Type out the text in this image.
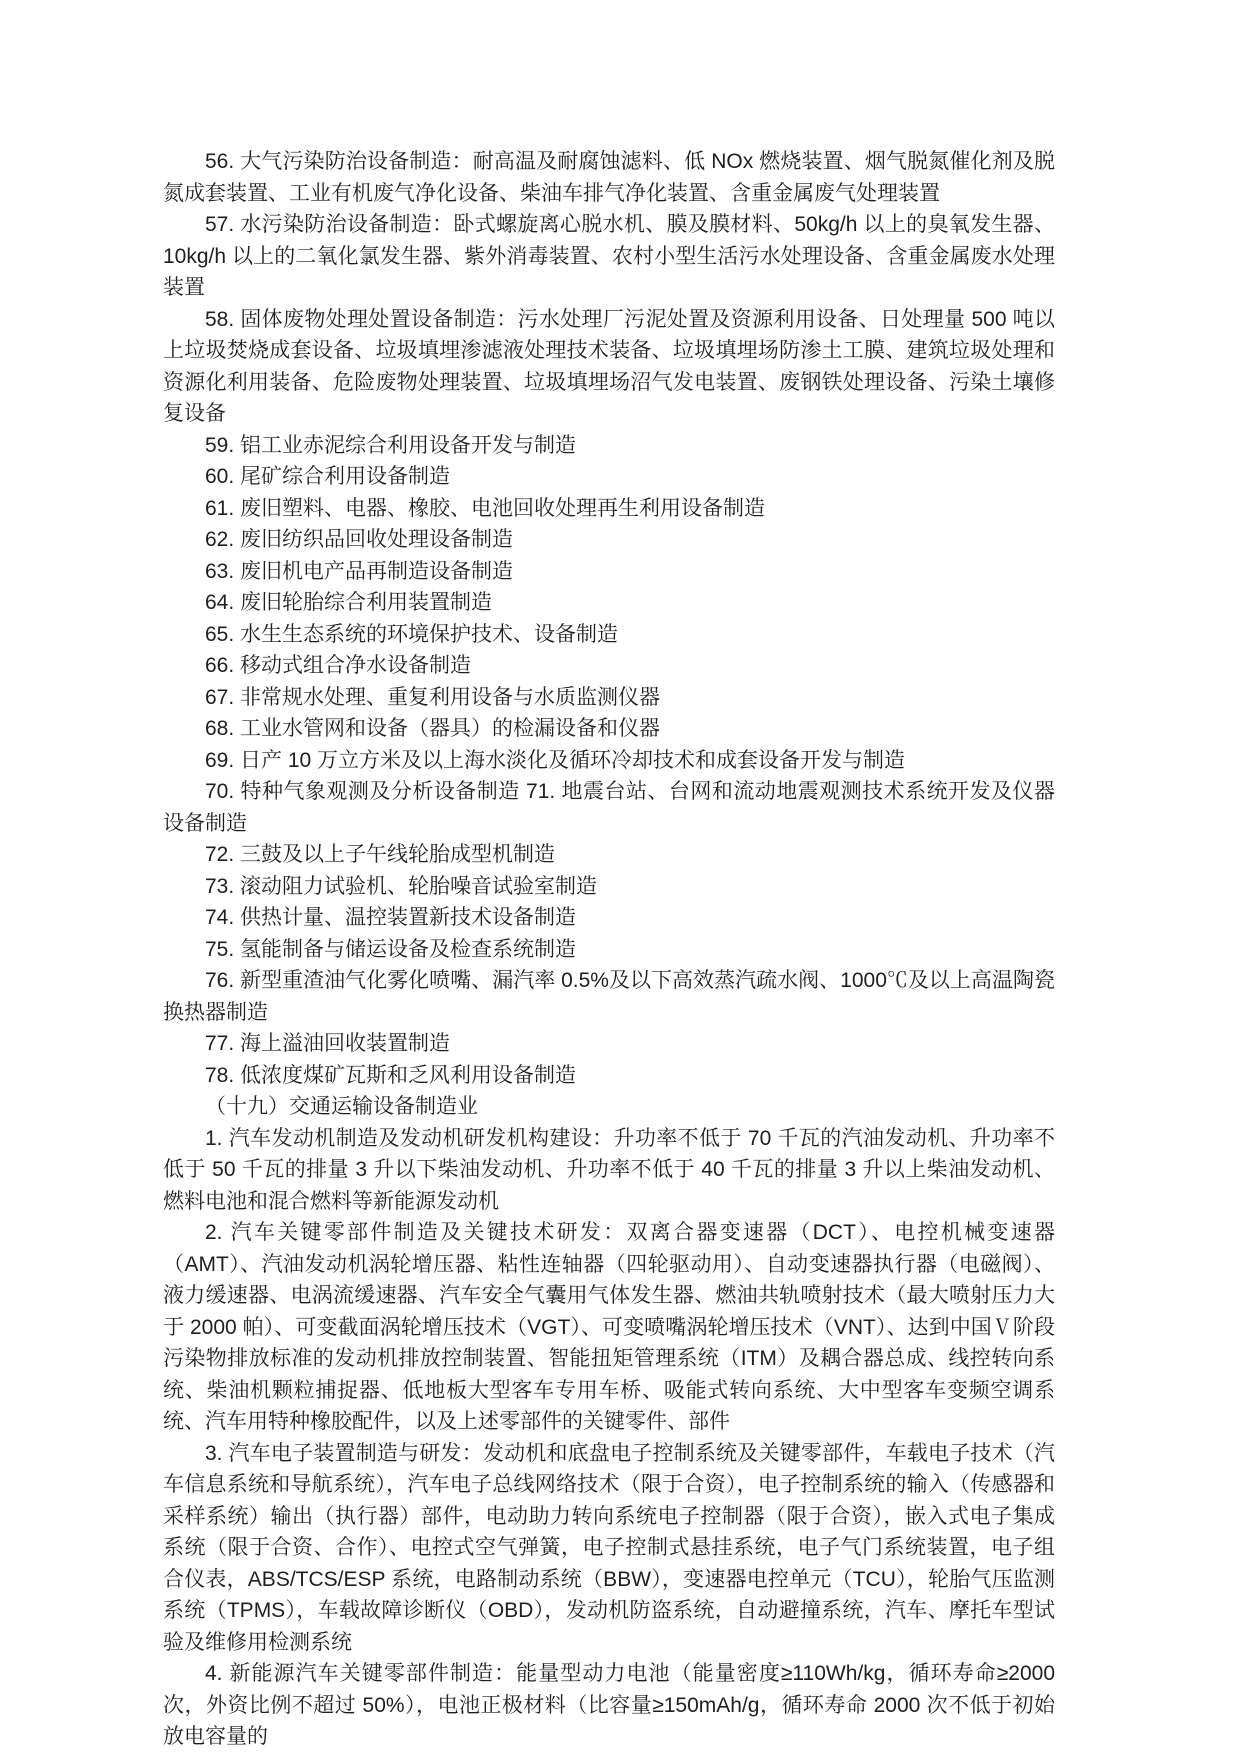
56. 大气污染防治设备制造：耐高温及耐腐蚀滤料、低 NOx 燃烧装置、烟气脱氮催化剂及脱氮成套装置、工业有机废气净化设备、柴油车排气净化装置、含重金属废气处理装置

57. 水污染防治设备制造：卧式螺旋离心脱水机、膜及膜材料、50kg/h 以上的臭氧发生器、10kg/h 以上的二氧化氯发生器、紫外消毒装置、农村小型生活污水处理设备、含重金属废水处理装置

58. 固体废物处理处置设备制造：污水处理厂污泥处置及资源利用设备、日处理量 500 吨以上垃圾焚烧成套设备、垃圾填埋渗滤液处理技术装备、垃圾填埋场防渗土工膜、建筑垃圾处理和资源化利用装备、危险废物处理装置、垃圾填埋场沼气发电装置、废钢铁处理设备、污染土壤修复设备

59. 铝工业赤泥综合利用设备开发与制造

60. 尾矿综合利用设备制造

61. 废旧塑料、电器、橡胶、电池回收处理再生利用设备制造

62. 废旧纺织品回收处理设备制造

63. 废旧机电产品再制造设备制造

64. 废旧轮胎综合利用装置制造

65. 水生生态系统的环境保护技术、设备制造

66. 移动式组合净水设备制造

67. 非常规水处理、重复利用设备与水质监测仪器

68. 工业水管网和设备（器具）的检漏设备和仪器

69. 日产 10 万立方米及以上海水淡化及循环冷却技术和成套设备开发与制造

70. 特种气象观测及分析设备制造 71. 地震台站、台网和流动地震观测技术系统开发及仪器设备制造

72. 三鼓及以上子午线轮胎成型机制造

73. 滚动阻力试验机、轮胎噪音试验室制造

74. 供热计量、温控装置新技术设备制造

75. 氢能制备与储运设备及检查系统制造

76. 新型重渣油气化雾化喷嘴、漏汽率 0.5%及以下高效蒸汽疏水阀、1000℃及以上高温陶瓷换热器制造

77. 海上溢油回收装置制造

78. 低浓度煤矿瓦斯和乏风利用设备制造

（十九）交通运输设备制造业

1. 汽车发动机制造及发动机研发机构建设：升功率不低于 70 千瓦的汽油发动机、升功率不低于 50 千瓦的排量 3 升以下柴油发动机、升功率不低于 40 千瓦的排量 3 升以上柴油发动机、燃料电池和混合燃料等新能源发动机

2. 汽车关键零部件制造及关键技术研发：双离合器变速器（DCT）、电控机械变速器（AMT）、汽油发动机涡轮增压器、粘性连轴器（四轮驱动用）、自动变速器执行器（电磁阀）、液力缓速器、电涡流缓速器、汽车安全气囊用气体发生器、燃油共轨喷射技术（最大喷射压力大于 2000 帕）、可变截面涡轮增压技术（VGT）、可变喷嘴涡轮增压技术（VNT）、达到中国Ⅴ阶段污染物排放标准的发动机排放控制装置、智能扭矩管理系统（ITM）及耦合器总成、线控转向系统、柴油机颗粒捕捉器、低地板大型客车专用车桥、吸能式转向系统、大中型客车变频空调系统、汽车用特种橡胶配件，以及上述零部件的关键零件、部件

3. 汽车电子装置制造与研发：发动机和底盘电子控制系统及关键零部件，车载电子技术（汽车信息系统和导航系统），汽车电子总线网络技术（限于合资），电子控制系统的输入（传感器和采样系统）输出（执行器）部件，电动助力转向系统电子控制器（限于合资），嵌入式电子集成系统（限于合资、合作）、电控式空气弹簧，电子控制式悬挂系统，电子气门系统装置，电子组合仪表，ABS/TCS/ESP 系统，电路制动系统（BBW），变速器电控单元（TCU），轮胎气压监测系统（TPMS），车载故障诊断仪（OBD），发动机防盗系统，自动避撞系统，汽车、摩托车型试验及维修用检测系统

4. 新能源汽车关键零部件制造：能量型动力电池（能量密度≥110Wh/kg，循环寿命≥2000 次，外资比例不超过 50%），电池正极材料（比容量≥150mAh/g，循环寿命 2000 次不低于初始放电容量的
